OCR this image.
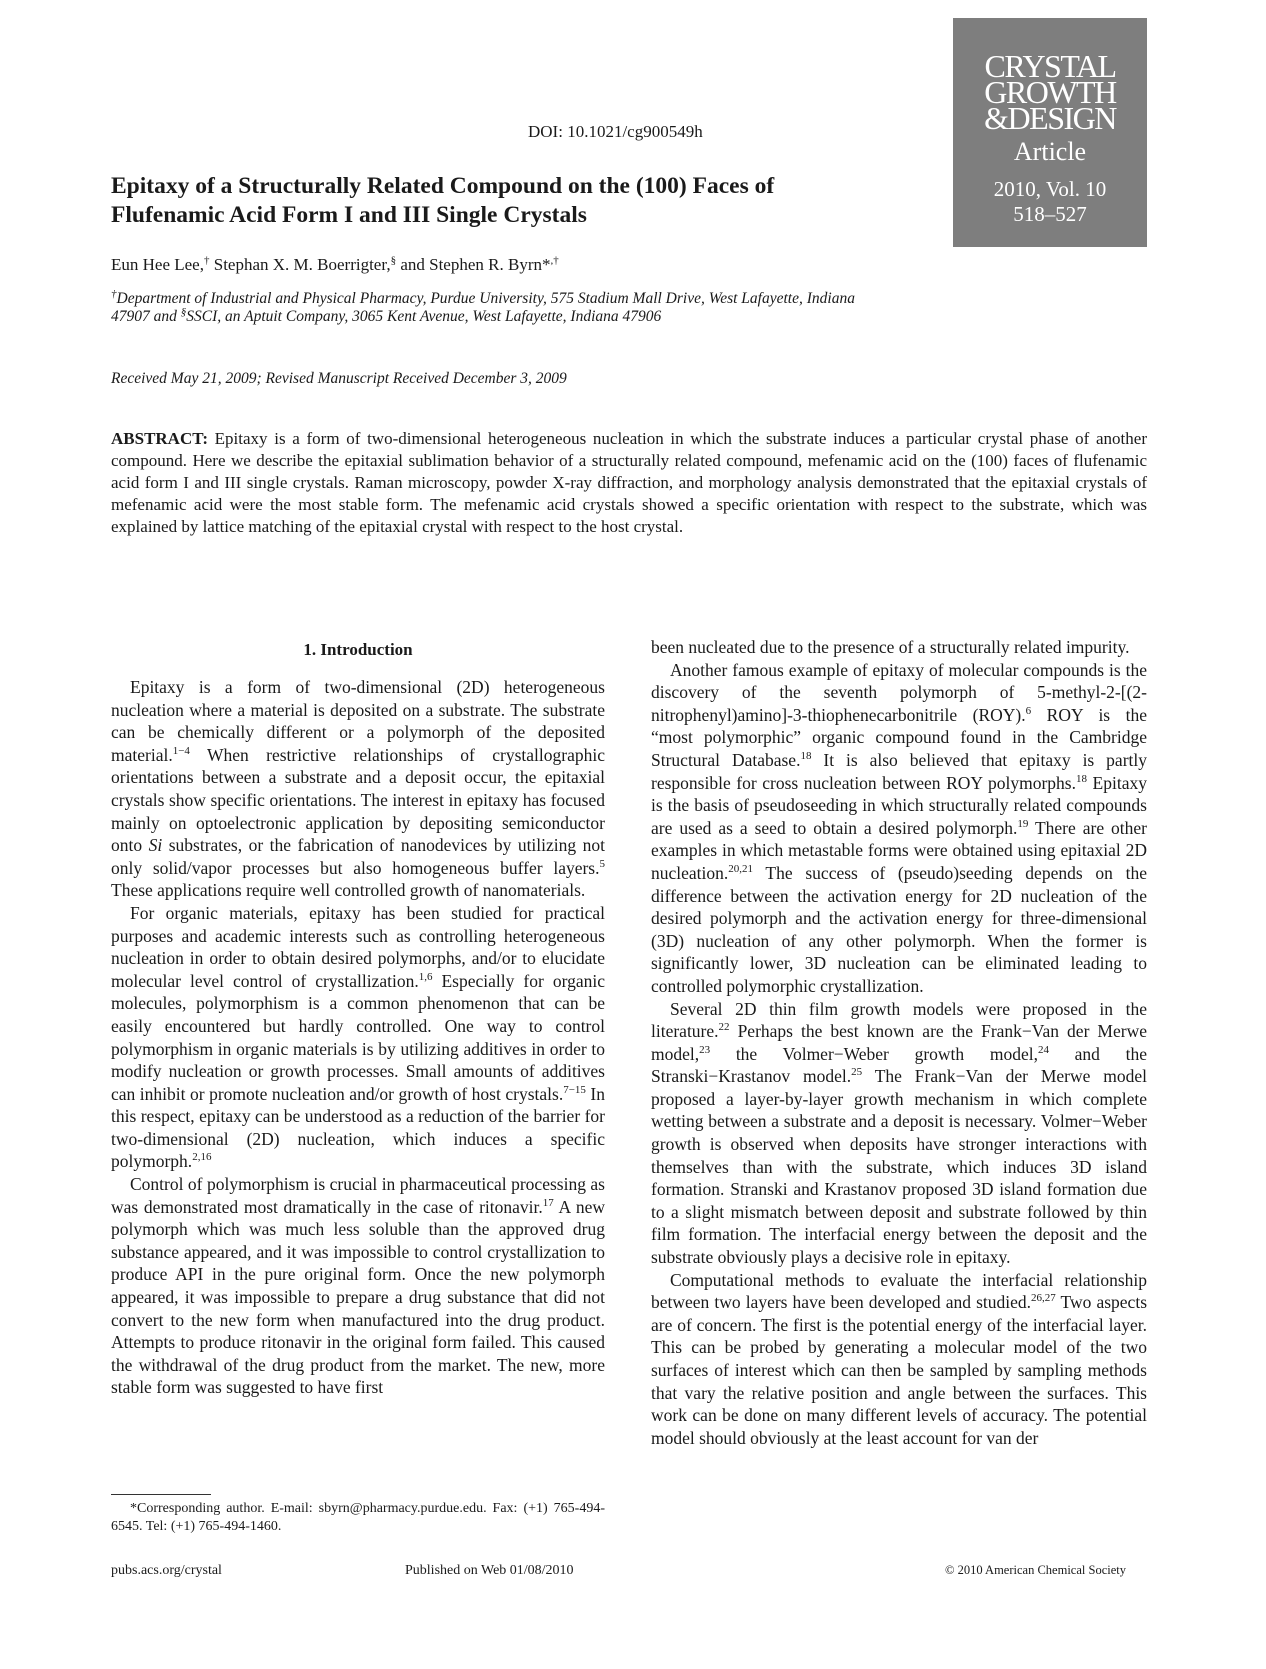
DOI: 10.1021/cg900549h
CRYSTAL
GROWTH
&DESIGN
Article
2010, Vol. 10
518–527
Epitaxy of a Structurally Related Compound on the (100) Faces of Flufenamic Acid Form I and III Single Crystals
Eun Hee Lee,† Stephan X. M. Boerrigter,§ and Stephen R. Byrn*,†
†Department of Industrial and Physical Pharmacy, Purdue University, 575 Stadium Mall Drive, West Lafayette, Indiana 47907 and §SSCI, an Aptuit Company, 3065 Kent Avenue, West Lafayette, Indiana 47906
Received May 21, 2009; Revised Manuscript Received December 3, 2009
ABSTRACT: Epitaxy is a form of two-dimensional heterogeneous nucleation in which the substrate induces a particular crystal phase of another compound. Here we describe the epitaxial sublimation behavior of a structurally related compound, mefenamic acid on the (100) faces of flufenamic acid form I and III single crystals. Raman microscopy, powder X-ray diffraction, and morphology analysis demonstrated that the epitaxial crystals of mefenamic acid were the most stable form. The mefenamic acid crystals showed a specific orientation with respect to the substrate, which was explained by lattice matching of the epitaxial crystal with respect to the host crystal.
1. Introduction

Epitaxy is a form of two-dimensional (2D) heterogeneous nucleation where a material is deposited on a substrate. The substrate can be chemically different or a polymorph of the deposited material.$^{1-4}$ When restrictive relationships of crystallographic orientations between a substrate and a deposit occur, the epitaxial crystals show specific orientations. The interest in epitaxy has focused mainly on optoelectronic application by depositing semiconductor onto Si substrates, or the fabrication of nanodevices by utilizing not only solid/vapor processes but also homogeneous buffer layers.$^5$ These applications require well controlled growth of nanomaterials.

For organic materials, epitaxy has been studied for practical purposes and academic interests such as controlling heterogeneous nucleation in order to obtain desired polymorphs, and/or to elucidate molecular level control of crystallization.$^{1,6}$ Especially for organic molecules, polymorphism is a common phenomenon that can be easily encountered but hardly controlled. One way to control polymorphism in organic materials is by utilizing additives in order to modify nucleation or growth processes. Small amounts of additives can inhibit or promote nucleation and/or growth of host crystals.$^{7-15}$ In this respect, epitaxy can be understood as a reduction of the barrier for two-dimensional (2D) nucleation, which induces a specific polymorph.$^{2,16}$

Control of polymorphism is crucial in pharmaceutical processing as was demonstrated most dramatically in the case of ritonavir.$^{17}$ A new polymorph which was much less soluble than the approved drug substance appeared, and it was impossible to control crystallization to produce API in the pure original form. Once the new polymorph appeared, it was impossible to prepare a drug substance that did not convert to the new form when manufactured into the drug product. Attempts to produce ritonavir in the original form failed. This caused the withdrawal of the drug product from the market. The new, more stable form was suggested to have first

been nucleated due to the presence of a structurally related impurity.

Another famous example of epitaxy of molecular compounds is the discovery of the seventh polymorph of 5-methyl-2-[(2-nitrophenyl)amino]-3-thiophenecarbonitrile (ROY).$^6$ ROY is the “most polymorphic” organic compound found in the Cambridge Structural Database.$^{18}$ It is also believed that epitaxy is partly responsible for cross nucleation between ROY polymorphs.$^{18}$ Epitaxy is the basis of pseudoseeding in which structurally related compounds are used as a seed to obtain a desired polymorph.$^{19}$ There are other examples in which metastable forms were obtained using epitaxial 2D nucleation.$^{20,21}$ The success of (pseudo)seeding depends on the difference between the activation energy for 2D nucleation of the desired polymorph and the activation energy for three-dimensional (3D) nucleation of any other polymorph. When the former is significantly lower, 3D nucleation can be eliminated leading to controlled polymorphic crystallization.

Several 2D thin film growth models were proposed in the literature.$^{22}$ Perhaps the best known are the Frank−Van der Merwe model,$^{23}$ the Volmer−Weber growth model,$^{24}$ and the Stranski−Krastanov model.$^{25}$ The Frank−Van der Merwe model proposed a layer-by-layer growth mechanism in which complete wetting between a substrate and a deposit is necessary. Volmer−Weber growth is observed when deposits have stronger interactions with themselves than with the substrate, which induces 3D island formation. Stranski and Krastanov proposed 3D island formation due to a slight mismatch between deposit and substrate followed by thin film formation. The interfacial energy between the deposit and the substrate obviously plays a decisive role in epitaxy.

Computational methods to evaluate the interfacial relationship between two layers have been developed and studied.$^{26,27}$ Two aspects are of concern. The first is the potential energy of the interfacial layer. This can be probed by generating a molecular model of the two surfaces of interest which can then be sampled by sampling methods that vary the relative position and angle between the surfaces. This work can be done on many different levels of accuracy. The potential model should obviously at the least account for van der

*Corresponding author. E-mail: sbyrn@pharmacy.purdue.edu. Fax: (+1) 765-494-6545. Tel: (+1) 765-494-1460.
pubs.acs.org/crystal	Published on Web 01/08/2010	© 2010 American Chemical Society
